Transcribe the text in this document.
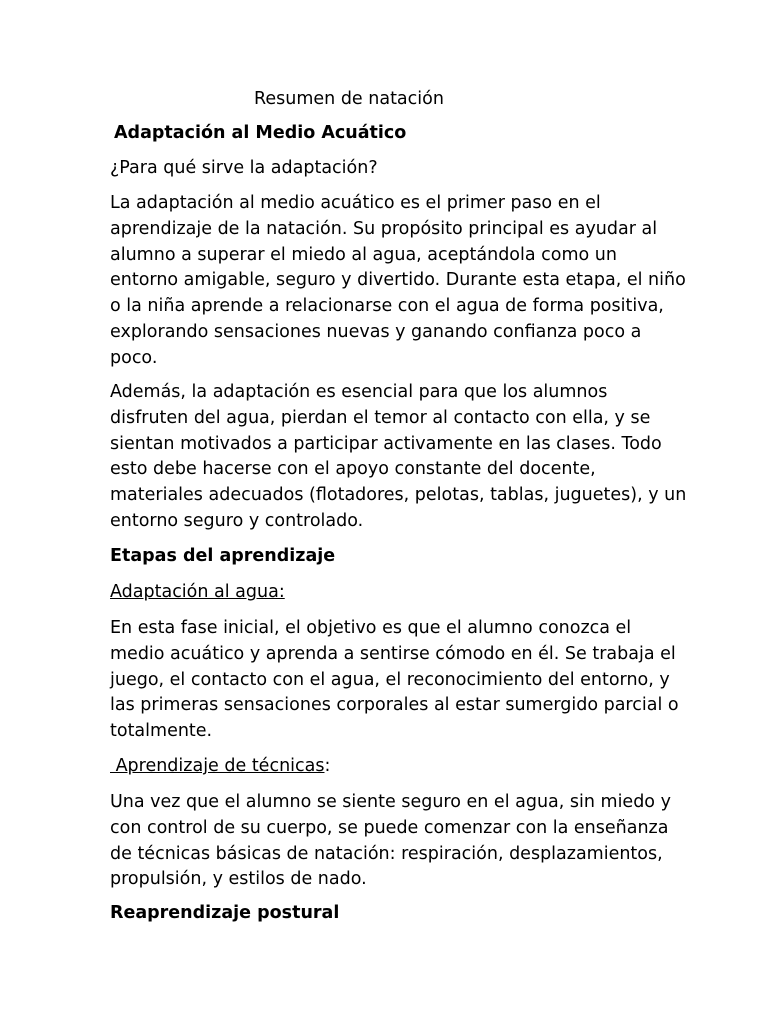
Resumen de natación
Adaptación al Medio Acuático

¿Para qué sirve la adaptación?

La adaptación al medio acuático es el primer paso en el
aprendizaje de la natación. Su propósito principal es ayudar al
alumno a superar el miedo al agua, aceptándola como un
entorno amigable, seguro y divertido. Durante esta etapa, el niño
o la niña aprende a relacionarse con el agua de forma positiva,
explorando sensaciones nuevas y ganando confianza poco a
poco.

Además, la adaptación es esencial para que los alumnos
disfruten del agua, pierdan el temor al contacto con ella, y se
sientan motivados a participar activamente en las clases. Todo
esto debe hacerse con el apoyo constante del docente,
materiales adecuados (flotadores, pelotas, tablas, juguetes), y un
entorno seguro y controlado.

Etapas del aprendizaje

Adaptación al agua:

En esta fase inicial, el objetivo es que el alumno conozca el
medio acuático y aprenda a sentirse cómodo en él. Se trabaja el
juego, el contacto con el agua, el reconocimiento del entorno, y
las primeras sensaciones corporales al estar sumergido parcial o
totalmente.

Aprendizaje de técnicas:

Una vez que el alumno se siente seguro en el agua, sin miedo y
con control de su cuerpo, se puede comenzar con la enseñanza
de técnicas básicas de natación: respiración, desplazamientos,
propulsión, y estilos de nado.

Reaprendizaje postural
